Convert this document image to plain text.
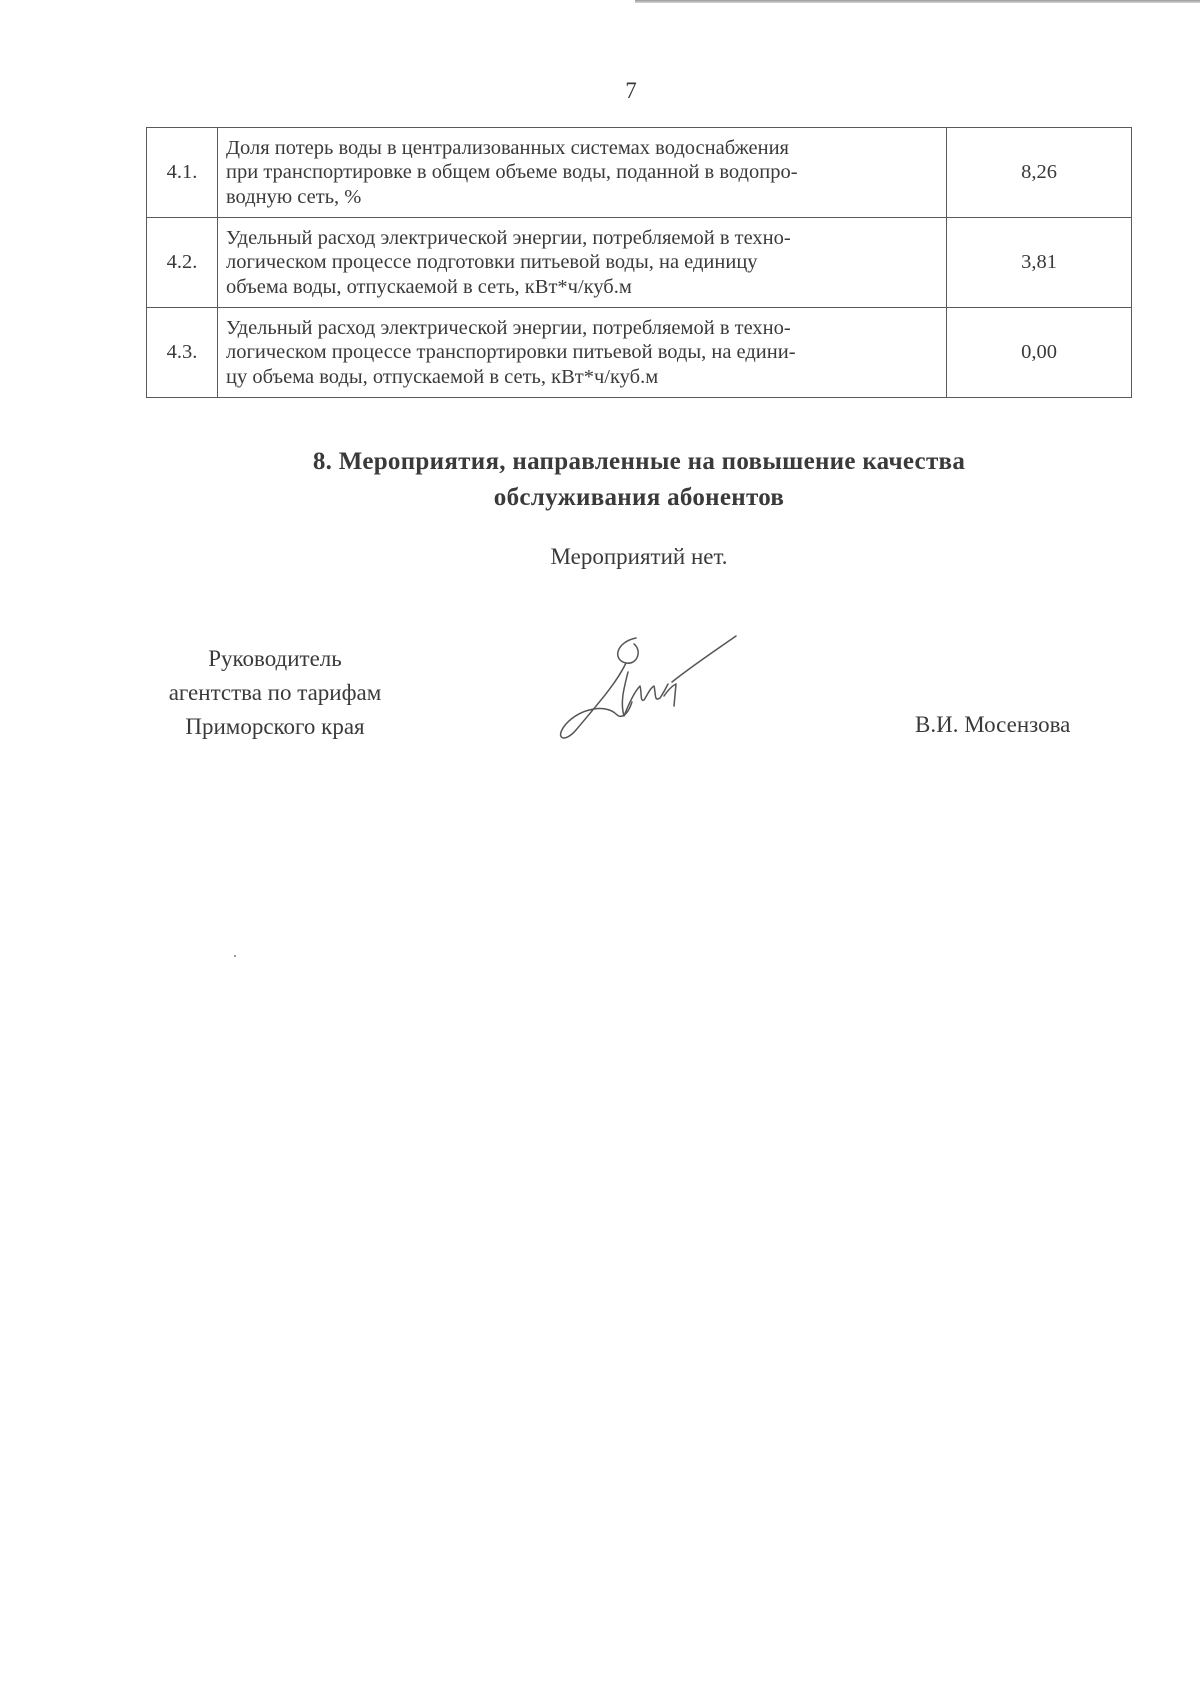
7
4.1.	Доля потерь воды в централизованных системах водоснабжения
при транспортировке в общем объеме воды, поданной в водопро-
водную сеть, %	8,26
4.2.	Удельный расход электрической энергии, потребляемой в техно-
логическом процессе подготовки питьевой воды, на единицу
объема воды, отпускаемой в сеть, кВт*ч/куб.м	3,81
4.3.	Удельный расход электрической энергии, потребляемой в техно-
логическом процессе транспортировки питьевой воды, на едини-
цу объема воды, отпускаемой в сеть, кВт*ч/куб.м	0,00
8. Мероприятия, направленные на повышение качества
обслуживания абонентов
Мероприятий нет.
Руководитель
агентства по тарифам
Приморского края	В.И. Мосензова
